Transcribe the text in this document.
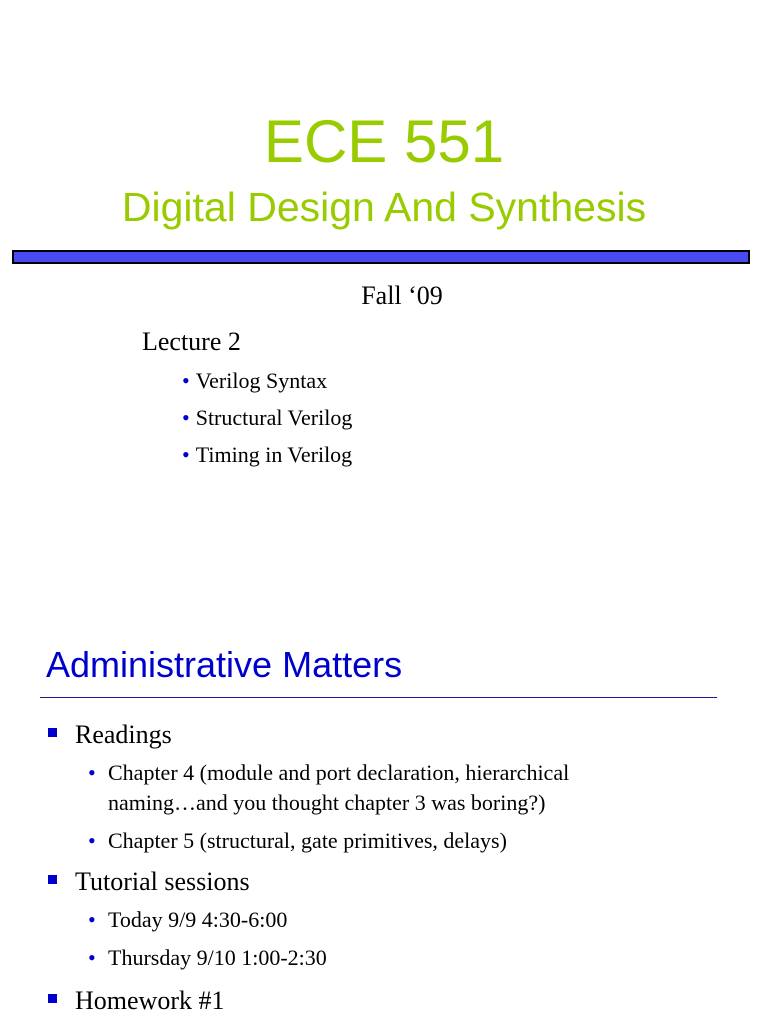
ECE 551
Digital Design And Synthesis
Fall ‘09
Lecture 2
• Verilog Syntax
• Structural Verilog
• Timing in Verilog
Administrative Matters
Readings
• Chapter 4 (module and port declaration, hierarchical
naming…and you thought chapter 3 was boring?)
• Chapter 5 (structural, gate primitives, delays)
Tutorial sessions
• Today 9/9 4:30-6:00
• Thursday 9/10 1:00-2:30
Homework #1
